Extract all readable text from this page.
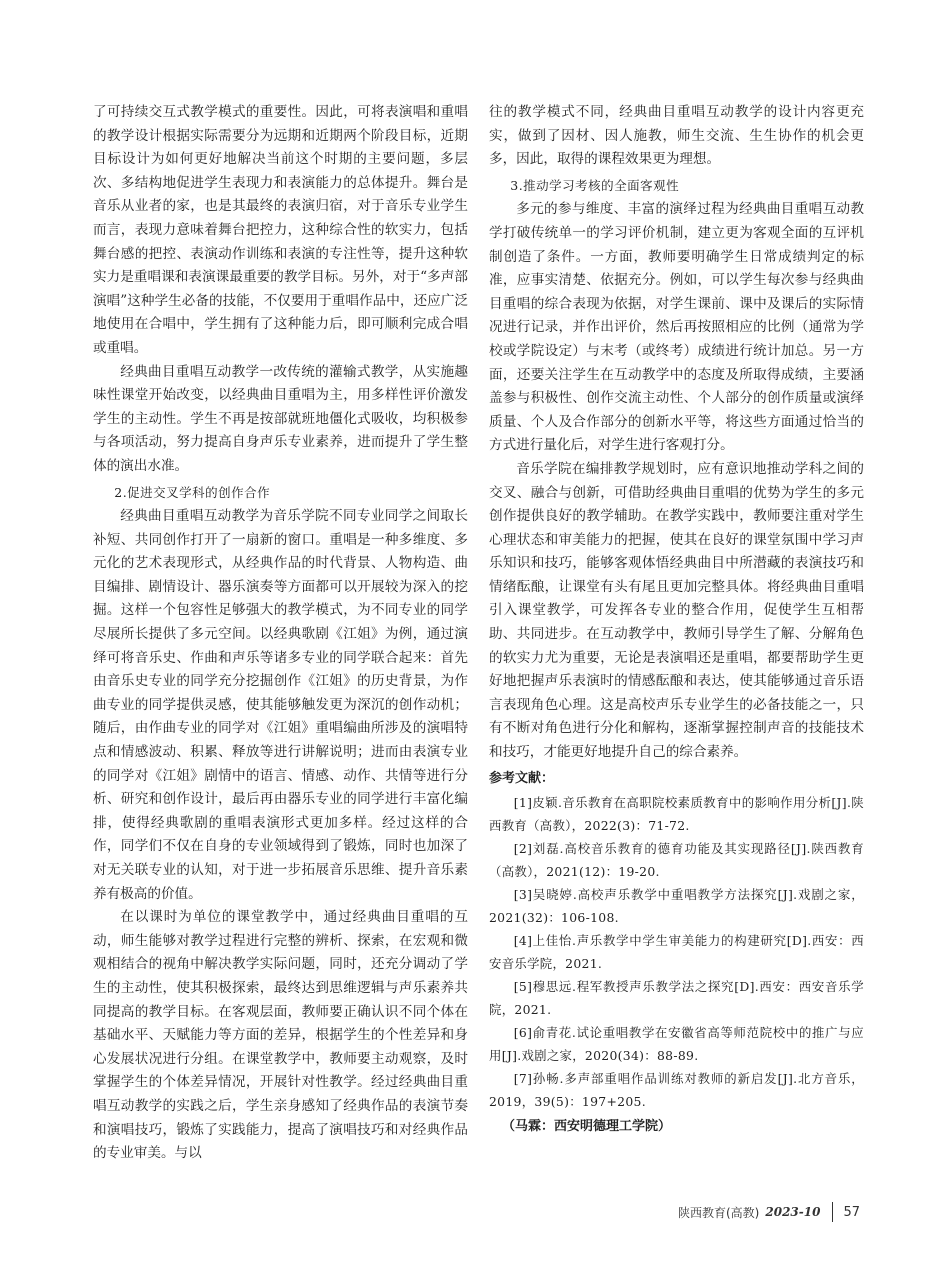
了可持续交互式教学模式的重要性。因此，可将表演唱和重唱的教学设计根据实际需要分为远期和近期两个阶段目标，近期目标设计为如何更好地解决当前这个时期的主要问题，多层次、多结构地促进学生表现力和表演能力的总体提升。舞台是音乐从业者的家，也是其最终的表演归宿，对于音乐专业学生而言，表现力意味着舞台把控力，这种综合性的软实力，包括舞台感的把控、表演动作训练和表演的专注性等，提升这种软实力是重唱课和表演课最重要的教学目标。另外，对于“多声部演唱”这种学生必备的技能，不仅要用于重唱作品中，还应广泛地使用在合唱中，学生拥有了这种能力后，即可顺利完成合唱或重唱。

经典曲目重唱互动教学一改传统的灌输式教学，从实施趣味性课堂开始改变，以经典曲目重唱为主，用多样性评价激发学生的主动性。学生不再是按部就班地僵化式吸收，均积极参与各项活动，努力提高自身声乐专业素养，进而提升了学生整体的演出水准。

2.促进交叉学科的创作合作

经典曲目重唱互动教学为音乐学院不同专业同学之间取长补短、共同创作打开了一扇新的窗口。重唱是一种多维度、多元化的艺术表现形式，从经典作品的时代背景、人物构造、曲目编排、剧情设计、器乐演奏等方面都可以开展较为深入的挖掘。这样一个包容性足够强大的教学模式，为不同专业的同学尽展所长提供了多元空间。以经典歌剧《江姐》为例，通过演绎可将音乐史、作曲和声乐等诸多专业的同学联合起来：首先由音乐史专业的同学充分挖掘创作《江姐》的历史背景，为作曲专业的同学提供灵感，使其能够触发更为深沉的创作动机；随后，由作曲专业的同学对《江姐》重唱编曲所涉及的演唱特点和情感波动、积累、释放等进行讲解说明；进而由表演专业的同学对《江姐》剧情中的语言、情感、动作、共情等进行分析、研究和创作设计，最后再由器乐专业的同学进行丰富化编排，使得经典歌剧的重唱表演形式更加多样。经过这样的合作，同学们不仅在自身的专业领域得到了锻炼，同时也加深了对无关联专业的认知，对于进一步拓展音乐思维、提升音乐素养有极高的价值。

在以课时为单位的课堂教学中，通过经典曲目重唱的互动，师生能够对教学过程进行完整的辨析、探索，在宏观和微观相结合的视角中解决教学实际问题，同时，还充分调动了学生的主动性，使其积极探索，最终达到思维逻辑与声乐素养共同提高的教学目标。在客观层面，教师要正确认识不同个体在基础水平、天赋能力等方面的差异，根据学生的个性差异和身心发展状况进行分组。在课堂教学中，教师要主动观察，及时掌握学生的个体差异情况，开展针对性教学。经过经典曲目重唱互动教学的实践之后，学生亲身感知了经典作品的表演节奏和演唱技巧，锻炼了实践能力，提高了演唱技巧和对经典作品的专业审美。与以

往的教学模式不同，经典曲目重唱互动教学的设计内容更充实，做到了因材、因人施教，师生交流、生生协作的机会更多，因此，取得的课程效果更为理想。

3.推动学习考核的全面客观性

多元的参与维度、丰富的演绎过程为经典曲目重唱互动教学打破传统单一的学习评价机制，建立更为客观全面的互评机制创造了条件。一方面，教师要明确学生日常成绩判定的标准，应事实清楚、依据充分。例如，可以学生每次参与经典曲目重唱的综合表现为依据，对学生课前、课中及课后的实际情况进行记录，并作出评价，然后再按照相应的比例（通常为学校或学院设定）与末考（或终考）成绩进行统计加总。另一方面，还要关注学生在互动教学中的态度及所取得成绩，主要涵盖参与积极性、创作交流主动性、个人部分的创作质量或演绎质量、个人及合作部分的创新水平等，将这些方面通过恰当的方式进行量化后，对学生进行客观打分。

音乐学院在编排教学规划时，应有意识地推动学科之间的交叉、融合与创新，可借助经典曲目重唱的优势为学生的多元创作提供良好的教学辅助。在教学实践中，教师要注重对学生心理状态和审美能力的把握，使其在良好的课堂氛围中学习声乐知识和技巧，能够客观体悟经典曲目中所潜藏的表演技巧和情绪酝酿，让课堂有头有尾且更加完整具体。将经典曲目重唱引入课堂教学，可发挥各专业的整合作用，促使学生互相帮助、共同进步。在互动教学中，教师引导学生了解、分解角色的软实力尤为重要，无论是表演唱还是重唱，都要帮助学生更好地把握声乐表演时的情感酝酿和表达，使其能够通过音乐语言表现角色心理。这是高校声乐专业学生的必备技能之一，只有不断对角色进行分化和解构，逐渐掌握控制声音的技能技术和技巧，才能更好地提升自己的综合素养。

参考文献：

[1]皮颖.音乐教育在高职院校素质教育中的影响作用分析[J].陕西教育（高教），2022(3)：71-72.

[2]刘磊.高校音乐教育的德育功能及其实现路径[J].陕西教育（高教），2021(12)：19-20.

[3]吴晓婷.高校声乐教学中重唱教学方法探究[J].戏剧之家，2021(32)：106-108.

[4]上佳怡.声乐教学中学生审美能力的构建研究[D].西安：西安音乐学院，2021.

[5]穆思远.程军教授声乐教学法之探究[D].西安：西安音乐学院，2021.

[6]俞青花.试论重唱教学在安徽省高等师范院校中的推广与应用[J].戏剧之家，2020(34)：88-89.

[7]孙畅.多声部重唱作品训练对教师的新启发[J].北方音乐，2019，39(5)：197+205.

（马霖：西安明德理工学院）
陕西教育(高教) 2023-10 57
